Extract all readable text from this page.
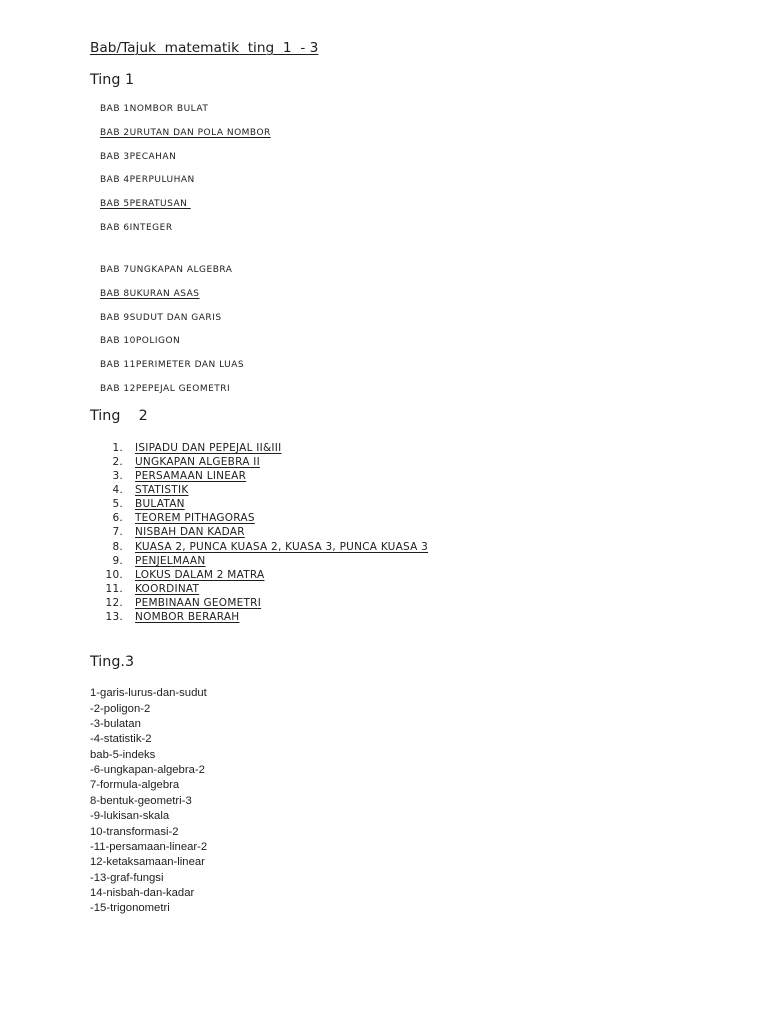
Bab/Tajuk  matematik  ting  1  - 3
Ting 1
BAB 1NOMBOR BULAT
BAB 2URUTAN DAN POLA NOMBOR
BAB 3PECAHAN
BAB 4PERPULUHAN
BAB 5PERATUSAN
BAB 6INTEGER
BAB 7UNGKAPAN ALGEBRA
BAB 8UKURAN ASAS
BAB 9SUDUT DAN GARIS
BAB 10POLIGON
BAB 11PERIMETER DAN LUAS
BAB 12PEPEJAL GEOMETRI
Ting    2
1. ISIPADU DAN PEPEJAL II&III
2. UNGKAPAN ALGEBRA II
3. PERSAMAAN LINEAR
4. STATISTIK
5. BULATAN
6. TEOREM PITHAGORAS
7. NISBAH DAN KADAR
8. KUASA 2, PUNCA KUASA 2, KUASA 3, PUNCA KUASA 3
9. PENJELMAAN
10. LOKUS DALAM 2 MATRA
11. KOORDINAT
12. PEMBINAAN GEOMETRI
13. NOMBOR BERARAH
Ting.3
1-garis-lurus-dan-sudut
-2-poligon-2
-3-bulatan
-4-statistik-2
bab-5-indeks
-6-ungkapan-algebra-2
7-formula-algebra
8-bentuk-geometri-3
-9-lukisan-skala
10-transformasi-2
-11-persamaan-linear-2
12-ketaksamaan-linear
-13-graf-fungsi
14-nisbah-dan-kadar
-15-trigonometri
